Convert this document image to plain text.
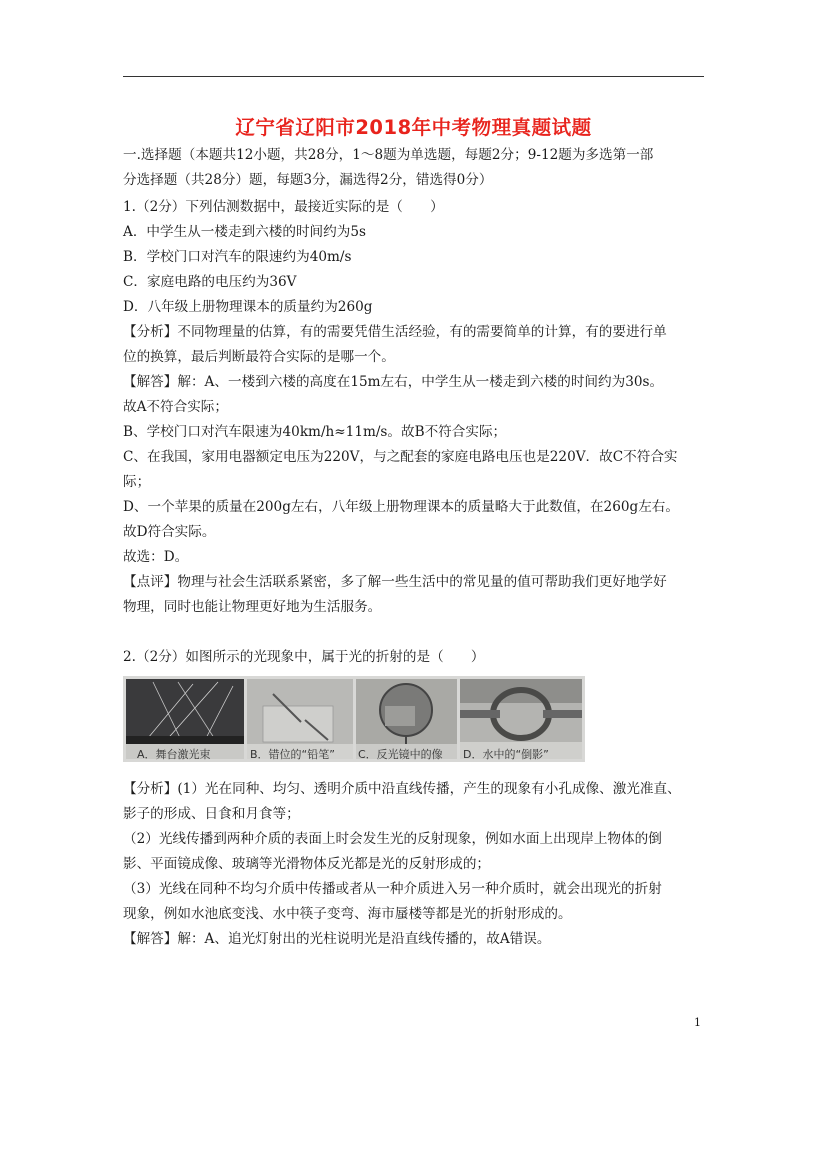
辽宁省辽阳市2018年中考物理真题试题
一.选择题（本题共12小题，共28分，1～8题为单选题，每题2分；9-12题为多选第一部
分选择题（共28分）题，每题3分，漏选得2分，错选得0分）
1.（2分）下列估测数据中，最接近实际的是（　　）
A．中学生从一楼走到六楼的时间约为5s
B．学校门口对汽车的限速约为40m/s
C．家庭电路的电压约为36V
D．八年级上册物理课本的质量约为260g
【分析】不同物理量的估算，有的需要凭借生活经验，有的需要简单的计算，有的要进行单
位的换算，最后判断最符合实际的是哪一个。
【解答】解：A、一楼到六楼的高度在15m左右，中学生从一楼走到六楼的时间约为30s。
故A不符合实际；
B、学校门口对汽车限速为40km/h≈11m/s。故B不符合实际；
C、在我国，家用电器额定电压为220V，与之配套的家庭电路电压也是220V．故C不符合实
际；
D、一个苹果的质量在200g左右，八年级上册物理课本的质量略大于此数值，在260g左右。
故D符合实际。
故选：D。
【点评】物理与社会生活联系紧密，多了解一些生活中的常见量的值可帮助我们更好地学好
物理，同时也能让物理更好地为生活服务。
2.（2分）如图所示的光现象中，属于光的折射的是（　　）
A．舞台激光束	B．错位的“铅笔” C．反光镜中的像 D．水中的“倒影”
【分析】(1）光在同种、均匀、透明介质中沿直线传播，产生的现象有小孔成像、激光准直、
影子的形成、日食和月食等；
（2）光线传播到两种介质的表面上时会发生光的反射现象，例如水面上出现岸上物体的倒
影、平面镜成像、玻璃等光滑物体反光都是光的反射形成的；
（3）光线在同种不均匀介质中传播或者从一种介质进入另一种介质时，就会出现光的折射
现象，例如水池底变浅、水中筷子变弯、海市蜃楼等都是光的折射形成的。
【解答】解：A、追光灯射出的光柱说明光是沿直线传播的，故A错误。
1
